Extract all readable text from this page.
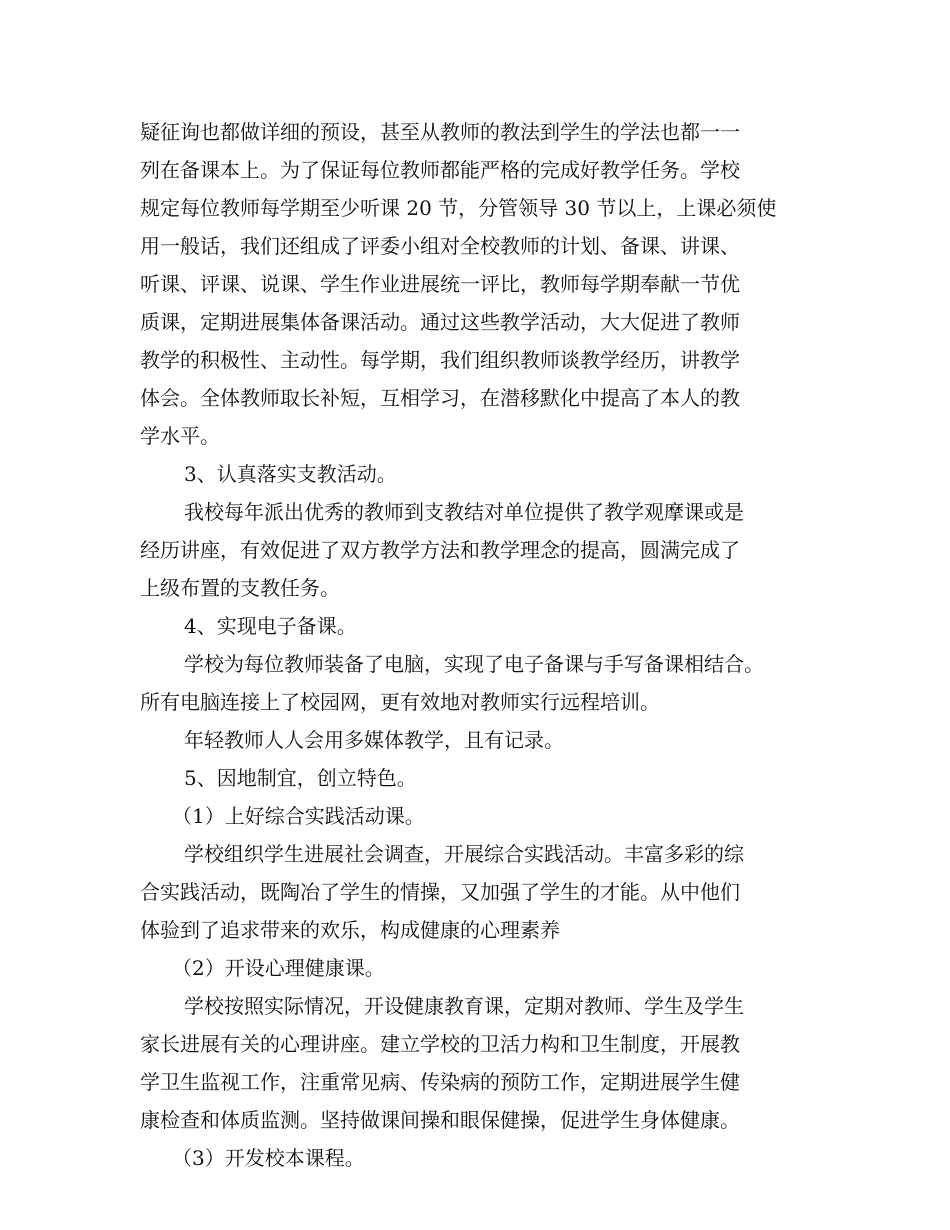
疑征询也都做详细的预设，甚至从教师的教法到学生的学法也都一一
列在备课本上。为了保证每位教师都能严格的完成好教学任务。学校
规定每位教师每学期至少听课 20 节，分管领导 30 节以上，上课必须使
用一般话，我们还组成了评委小组对全校教师的计划、备课、讲课、
听课、评课、说课、学生作业进展统一评比，教师每学期奉献一节优
质课，定期进展集体备课活动。通过这些教学活动，大大促进了教师
教学的积极性、主动性。每学期，我们组织教师谈教学经历，讲教学
体会。全体教师取长补短，互相学习，在潜移默化中提高了本人的教
学水平。
3、认真落实支教活动。
我校每年派出优秀的教师到支教结对单位提供了教学观摩课或是
经历讲座，有效促进了双方教学方法和教学理念的提高，圆满完成了
上级布置的支教任务。
4、实现电子备课。
学校为每位教师装备了电脑，实现了电子备课与手写备课相结合。
所有电脑连接上了校园网，更有效地对教师实行远程培训。
年轻教师人人会用多媒体教学，且有记录。
5、因地制宜，创立特色。
（1）上好综合实践活动课。
学校组织学生进展社会调查，开展综合实践活动。丰富多彩的综
合实践活动，既陶冶了学生的情操，又加强了学生的才能。从中他们
体验到了追求带来的欢乐，构成健康的心理素养
（2）开设心理健康课。
学校按照实际情况，开设健康教育课，定期对教师、学生及学生
家长进展有关的心理讲座。建立学校的卫活力构和卫生制度，开展教
学卫生监视工作，注重常见病、传染病的预防工作，定期进展学生健
康检查和体质监测。坚持做课间操和眼保健操，促进学生身体健康。
（3）开发校本课程。
